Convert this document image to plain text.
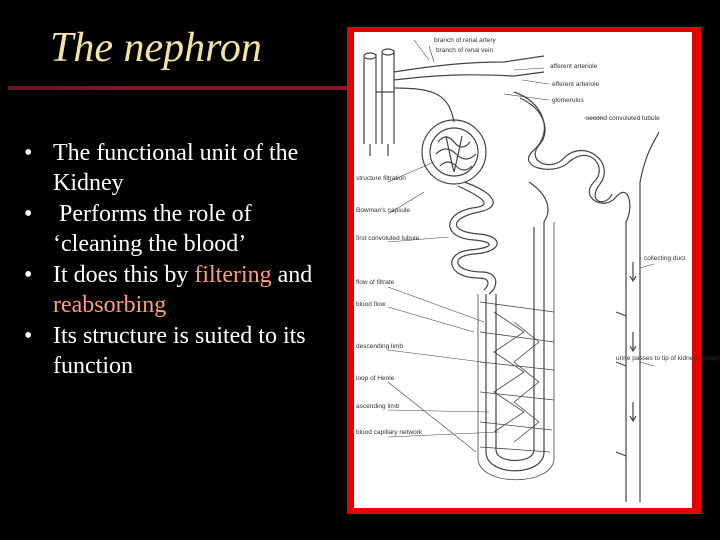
The nephron
• The functional unit of the Kidney
• Performs the role of ‘cleaning the blood’
• It does this by filtering and reabsorbing
• Its structure is suited to its function
branch of renal artery
branch of renal vein
afferent arteriole
efferent arteriole
glomerulus
second convoluted tubule
structure filtration
Bowman's capsule
first convoluted tubule
flow of filtrate
blood flow
descending limb
loop of Henle
ascending limb
blood capillary network
collecting duct
urine passes to tip of kidney (ureter)
